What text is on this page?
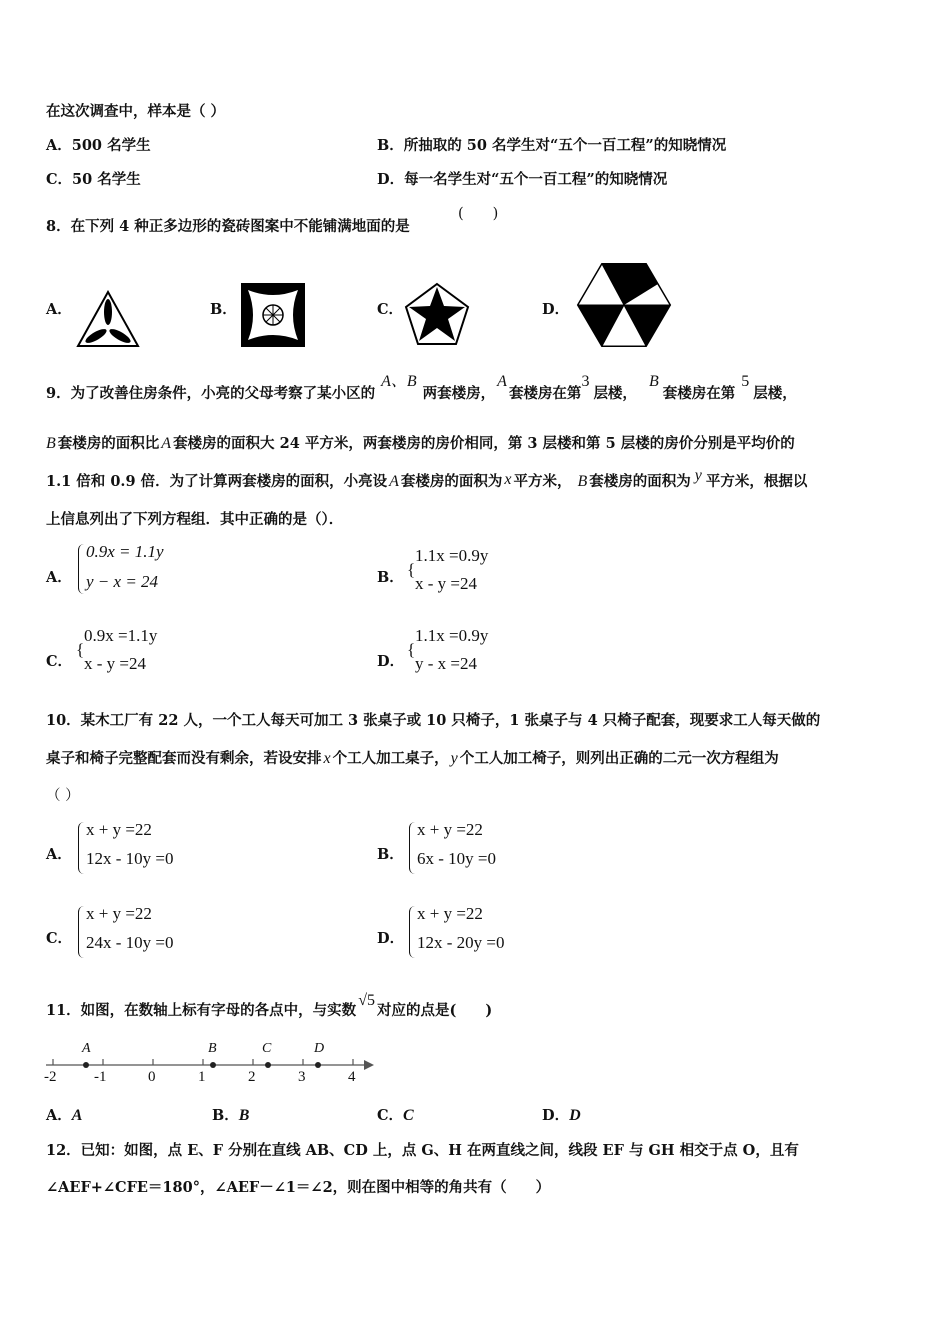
在这次调查中，样本是（ ）
A．500 名学生	B．所抽取的 50 名学生对“五个一百工程”的知晓情况
C．50 名学生	D．每一名学生对“五个一百工程”的知晓情况
8．在下列 4 种正多边形的瓷砖图案中不能铺满地面的是
(　　)
A．	B．	C．	D．
9．为了改善住房条件，小亮的父母考察了某小区的A、B两套楼房，A套楼房在第3层楼，B套楼房在第5层楼，
B 套楼房的面积比 A 套楼房的面积大 24 平方米，两套楼房的房价相同，第 3 层楼和第 5 层楼的房价分别是平均价的
1.1 倍和 0.9 倍．为了计算两套楼房的面积，小亮设 A 套楼房的面积为 x 平方米， B 套楼房的面积为 y 平方米，根据以
上信息列出了下列方程组．其中正确的是（）．
A．
0.9x = 1.1y
y − x = 24	B． {
1.1x =0.9y
x - y =24
C．
{
0.9x =1.1y
x - y =24	D．
{
1.1x =0.9y
y - x =24
10．某木工厂有 22 人，一个工人每天可加工 3 张桌子或 10 只椅子，1 张桌子与 4 只椅子配套，现要求工人每天做的
桌子和椅子完整配套而没有剩余，若设安排 x 个工人加工桌子， y 个工人加工椅子，则列出正确的二元一次方程组为
（ ）
A．
x + y =22
12x - 10y =0	B．
x + y =22
6x - 10y =0
C．
x + y =22
24x - 10y =0	D．
x + y =22
12x - 20y =0
11．如图，在数轴上标有字母的各点中，与实数√5对应的点是(　　)
-2	-1	0	1	2	3	4
A	B	C	D
A．A	B．B	C．C	D．D
12．已知：如图，点 E、F 分别在直线 AB、CD 上，点 G、H 在两直线之间，线段 EF 与 GH 相交于点 O，且有
∠AEF+∠CFE＝180°，∠AEF－∠1＝∠2，则在图中相等的角共有（　　）
